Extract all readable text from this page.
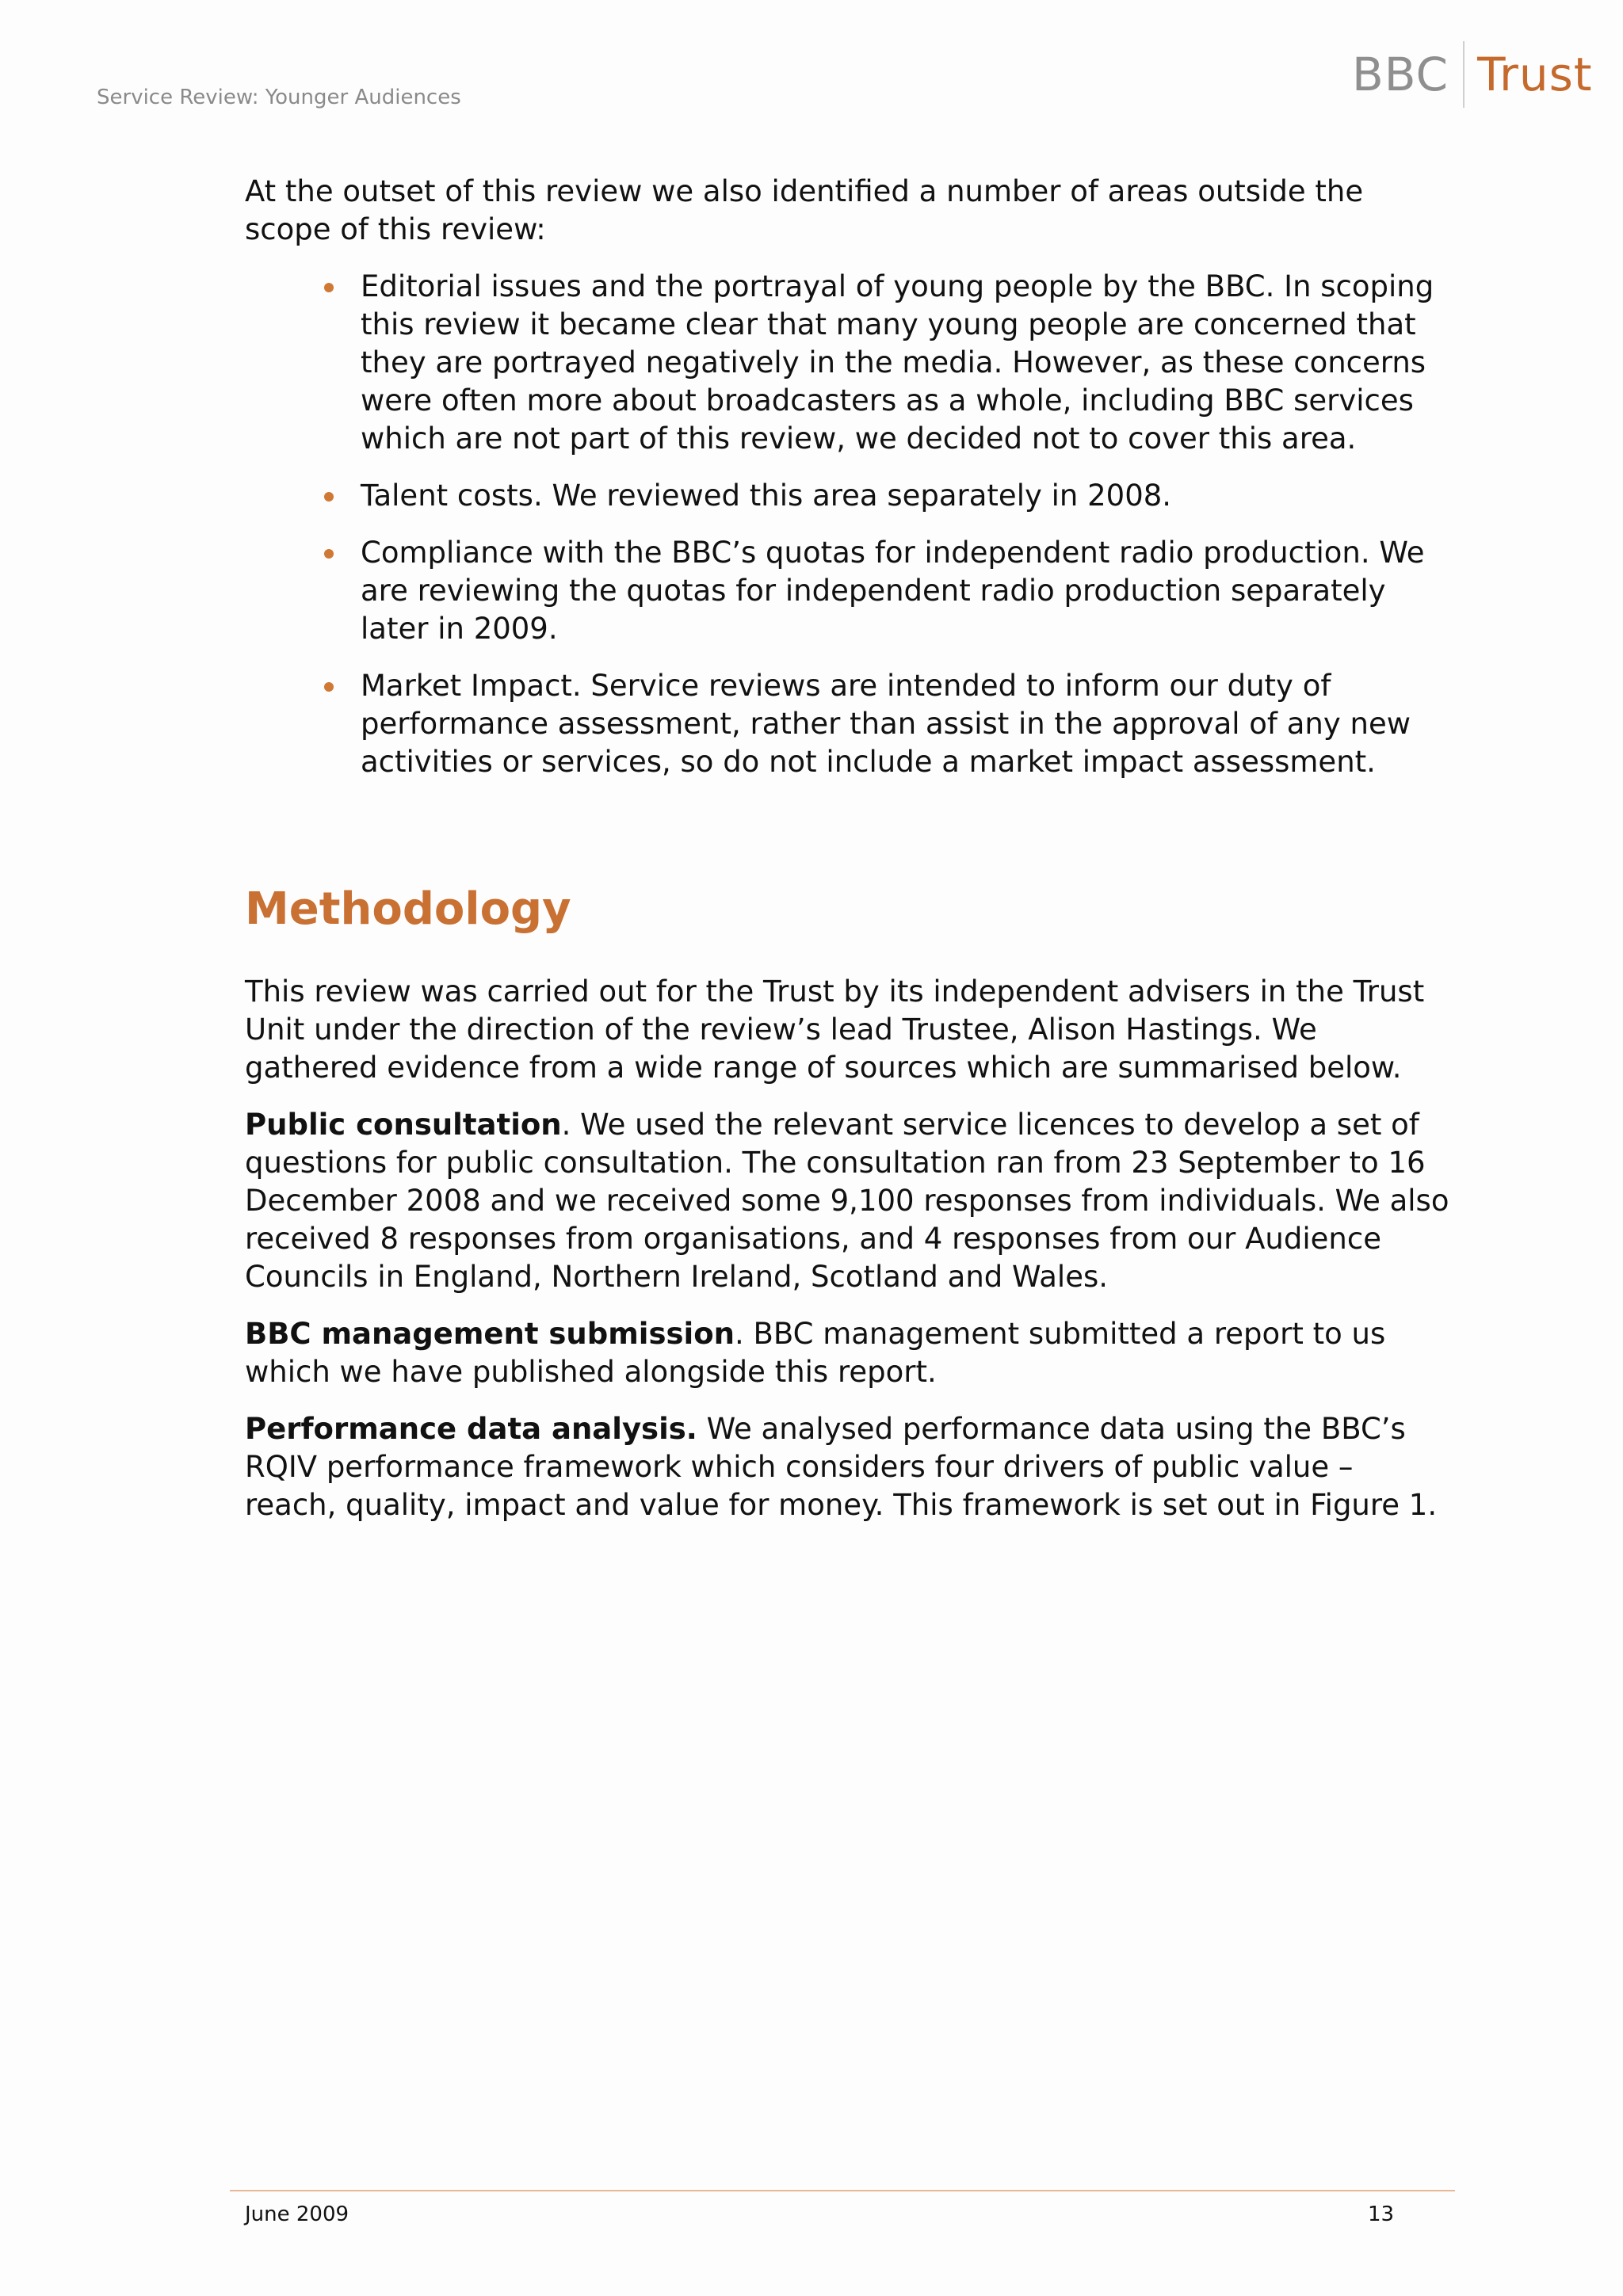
Service Review: Younger Audiences	BBC Trust

At the outset of this review we also identified a number of areas outside the scope of this review:

Editorial issues and the portrayal of young people by the BBC. In scoping this review it became clear that many young people are concerned that they are portrayed negatively in the media. However, as these concerns were often more about broadcasters as a whole, including BBC services which are not part of this review, we decided not to cover this area.
Talent costs. We reviewed this area separately in 2008.
Compliance with the BBC’s quotas for independent radio production. We are reviewing the quotas for independent radio production separately later in 2009.
Market Impact. Service reviews are intended to inform our duty of performance assessment, rather than assist in the approval of any new activities or services, so do not include a market impact assessment.
Methodology

This review was carried out for the Trust by its independent advisers in the Trust Unit under the direction of the review’s lead Trustee, Alison Hastings. We gathered evidence from a wide range of sources which are summarised below.

Public consultation. We used the relevant service licences to develop a set of questions for public consultation. The consultation ran from 23 September to 16 December 2008 and we received some 9,100 responses from individuals. We also received 8 responses from organisations, and 4 responses from our Audience Councils in England, Northern Ireland, Scotland and Wales.

BBC management submission. BBC management submitted a report to us which we have published alongside this report.

Performance data analysis. We analysed performance data using the BBC’s RQIV performance framework which considers four drivers of public value – reach, quality, impact and value for money. This framework is set out in Figure 1.

June 2009	13
